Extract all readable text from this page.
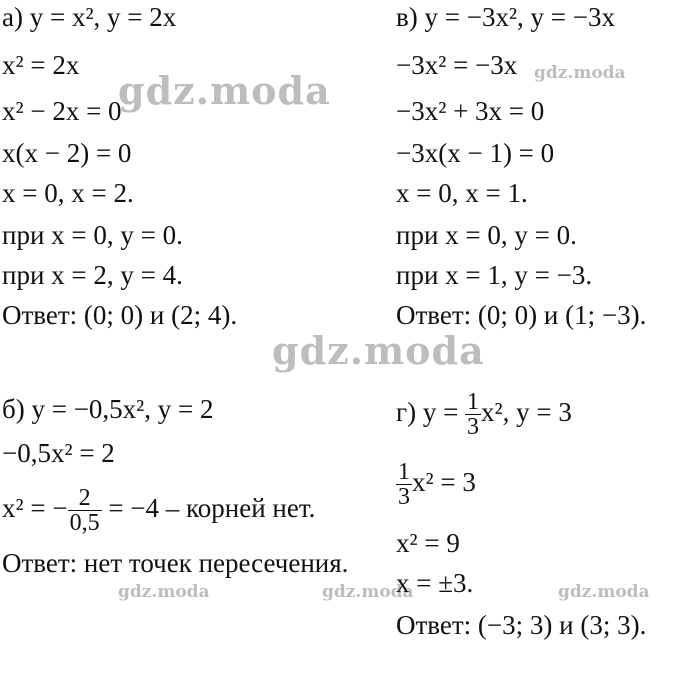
gdz.moda
gdz.moda
gdz.moda
gdz.moda	gdz.moda	gdz.moda
а) y = x², y = 2x
x² = 2x
x² − 2x = 0
x(x − 2) = 0
x = 0, x = 2.
при x = 0, y = 0.
при x = 2, y = 4.
Ответ: (0; 0) и (2; 4).
в) y = −3x², y = −3x
−3x² = −3x
−3x² + 3x = 0
−3x(x − 1) = 0
x = 0, x = 1.
при x = 0, y = 0.
при x = 1, y = −3.
Ответ: (0; 0) и (1; −3).
б) y = −0,5x², y = 2
−0,5x² = 2
x² = − $\frac{2}{0,5} = -4$ – корней нет.
Ответ: нет точек пересечения.
г) $y = \frac{1}{3} x^2$, y = 3
$\frac{1}{3} x^2 = 3$
x² = 9
x = ±3.
Ответ: (−3; 3) и (3; 3).
